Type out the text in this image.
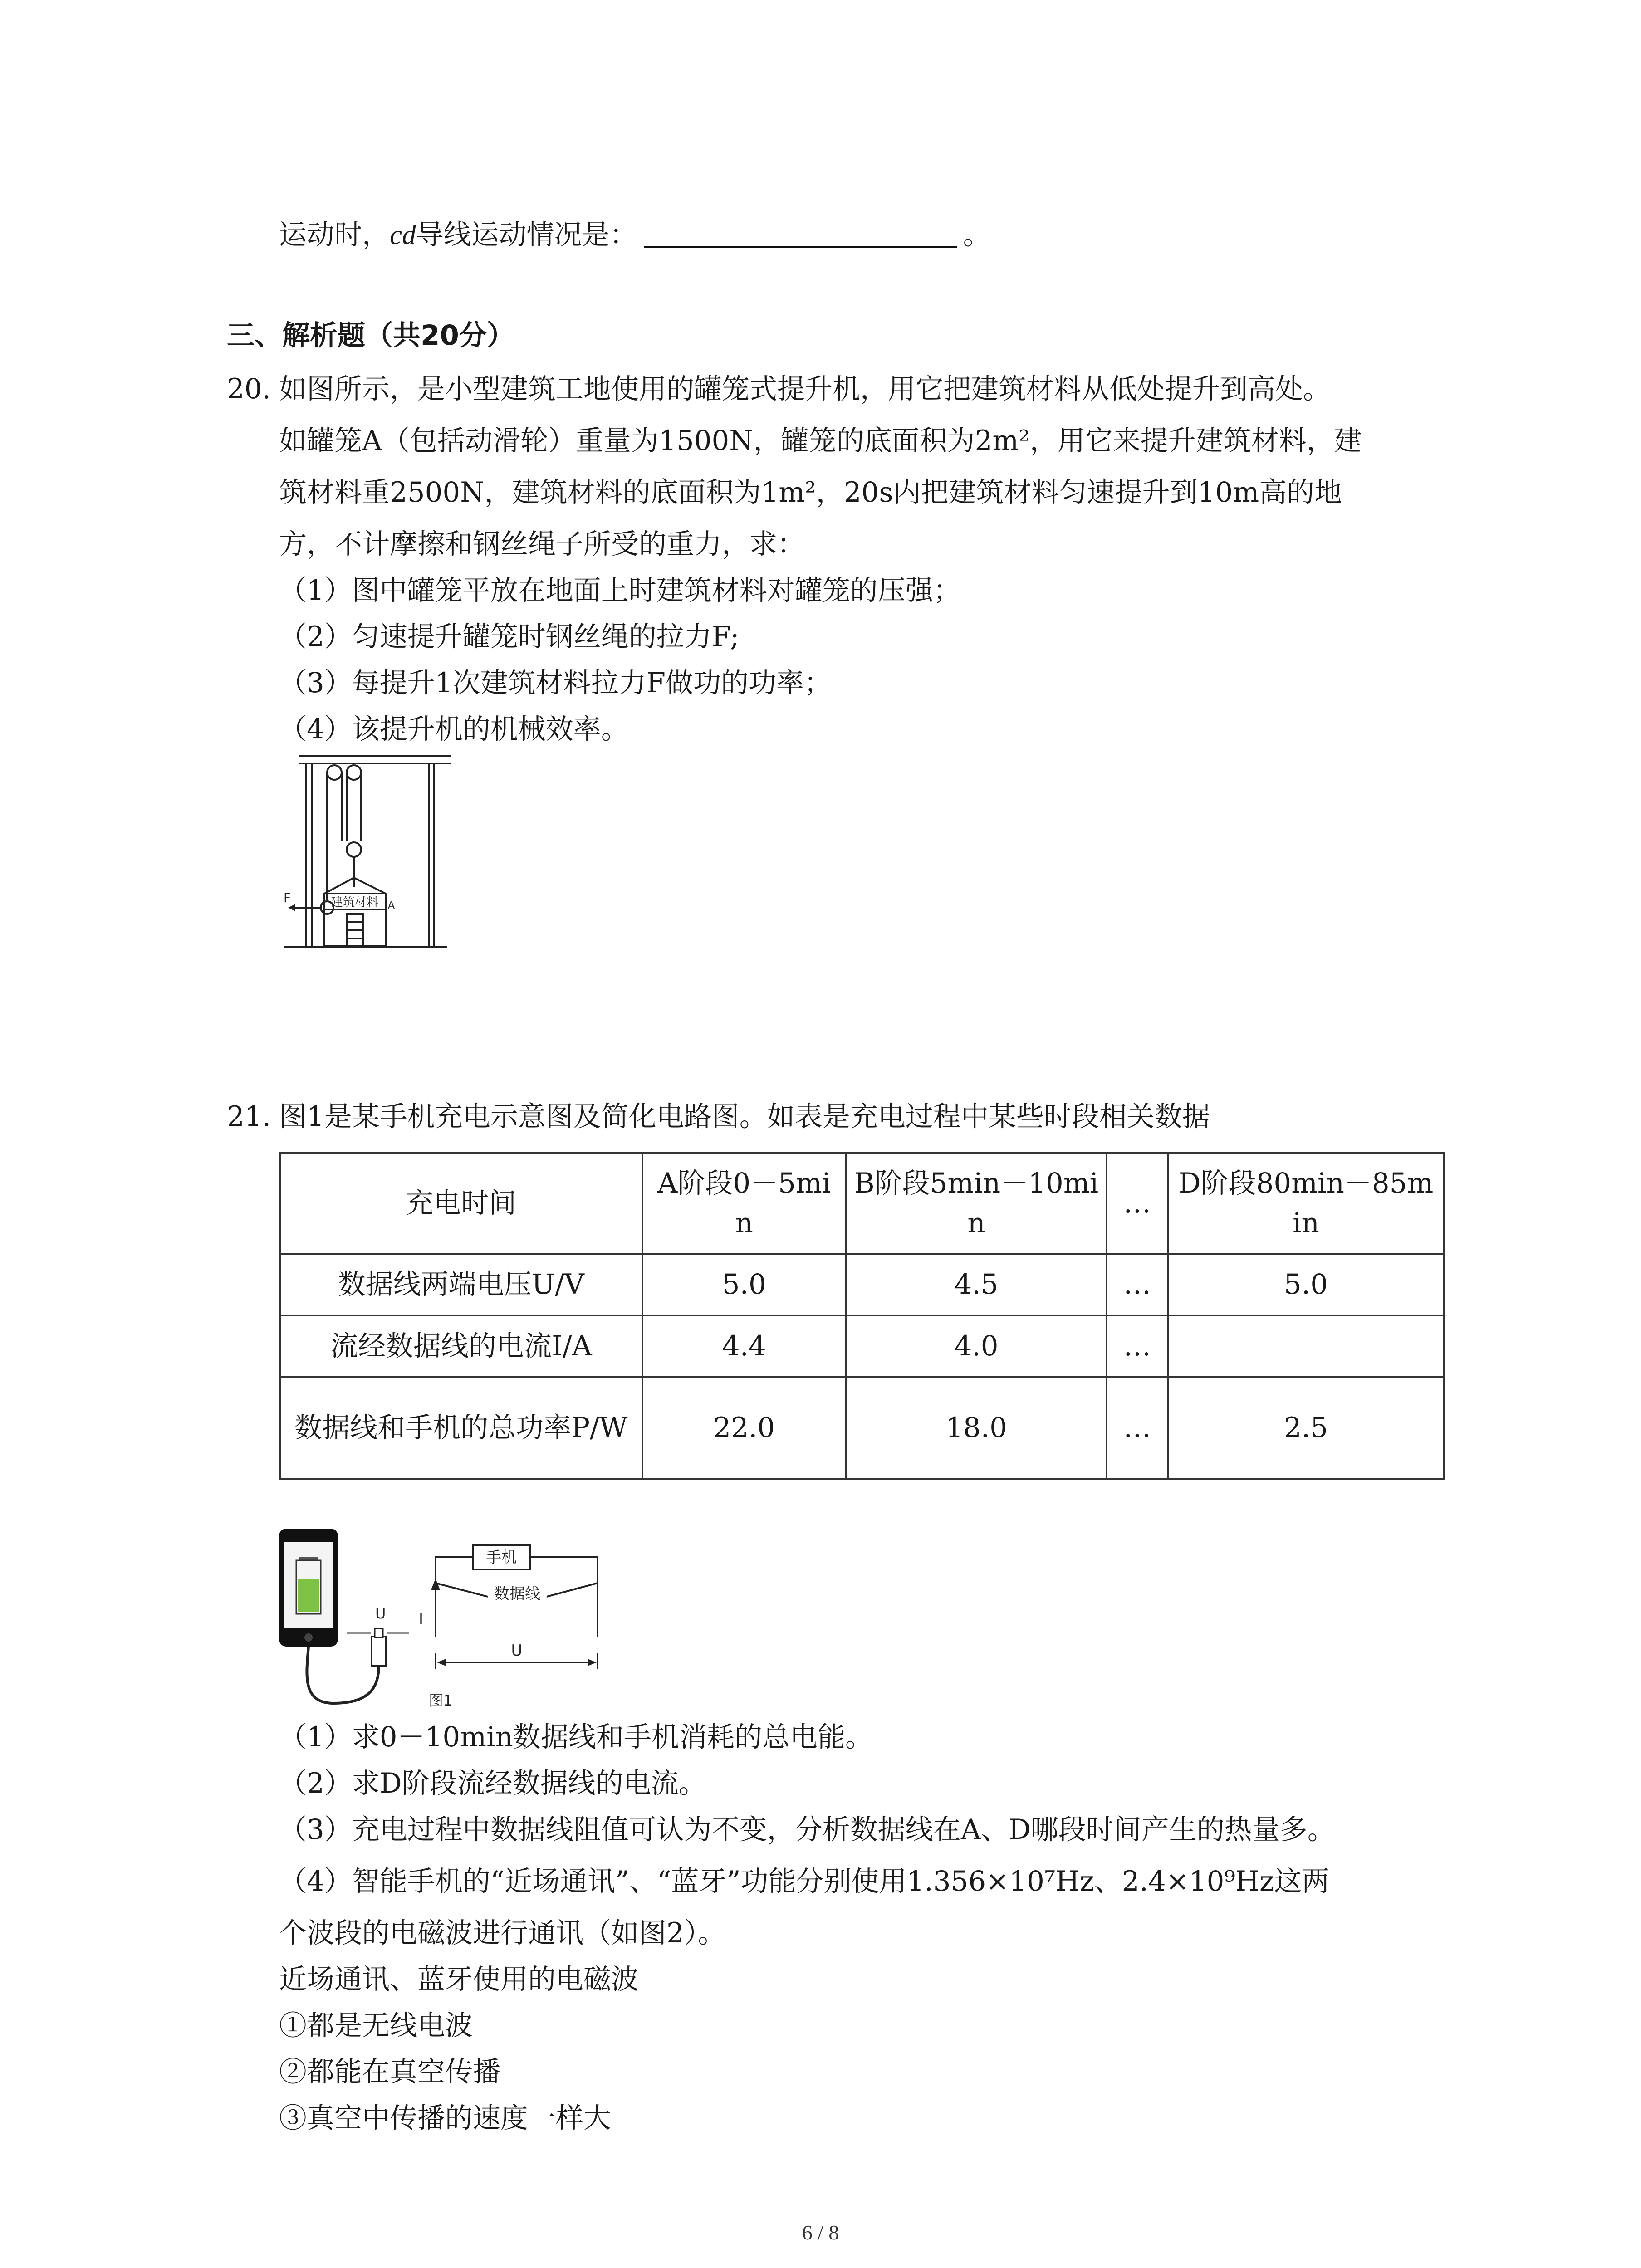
运动时，cd导线运动情况是：	。
三、解析题（共20分）
20. 如图所示，是小型建筑工地使用的罐笼式提升机，用它把建筑材料从低处提升到高处。
如罐笼A（包括动滑轮）重量为1500N，罐笼的底面积为2m²，用它来提升建筑材料，建
筑材料重2500N，建筑材料的底面积为1m²，20s内把建筑材料匀速提升到10m高的地
方，不计摩擦和钢丝绳子所受的重力，求：
（1）图中罐笼平放在地面上时建筑材料对罐笼的压强；
（2）匀速提升罐笼时钢丝绳的拉力F;
（3）每提升1次建筑材料拉力F做功的功率；
（4）该提升机的机械效率。
建筑材料
F
A
21. 图1是某手机充电示意图及简化电路图。如表是充电过程中某些时段相关数据
充电时间	A阶段0－5min	B阶段5min－10min	…	D阶段80min－85min
数据线两端电压U/V	5.0	4.5	…	5.0
流经数据线的电流I/A	4.4	4.0	…	
数据线和手机的总功率P/W	22.0	18.0	…	2.5
U
手机
数据线
I
U
图1
（1）求0－10min数据线和手机消耗的总电能。
（2）求D阶段流经数据线的电流。
（3）充电过程中数据线阻值可认为不变，分析数据线在A、D哪段时间产生的热量多。
（4）智能手机的“近场通讯”、“蓝牙”功能分别使用1.356×10⁷Hz、2.4×10⁹Hz这两
个波段的电磁波进行通讯（如图2）。
近场通讯、蓝牙使用的电磁波
①都是无线电波
②都能在真空传播
③真空中传播的速度一样大
6 / 8
